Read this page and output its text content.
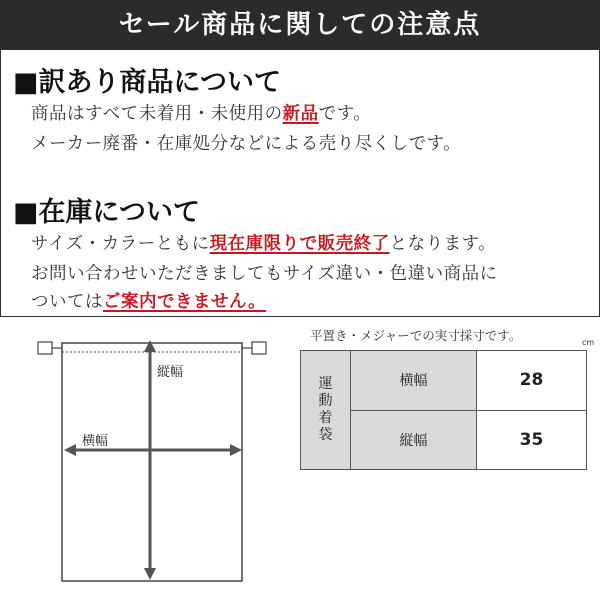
セール商品に関しての注意点
■訳あり商品について
商品はすべて未着用・未使用の新品です。
メーカー廃番・在庫処分などによる売り尽くしです。
■在庫について
サイズ・カラーともに現在庫限りで販売終了となります。
お問い合わせいただきましてもサイズ違い・色違い商品に
ついてはご案内できません。
縦幅
横幅
平置き・メジャーでの実寸採寸です。	cm
運
動
着
袋	横幅	28
	縦幅	35
